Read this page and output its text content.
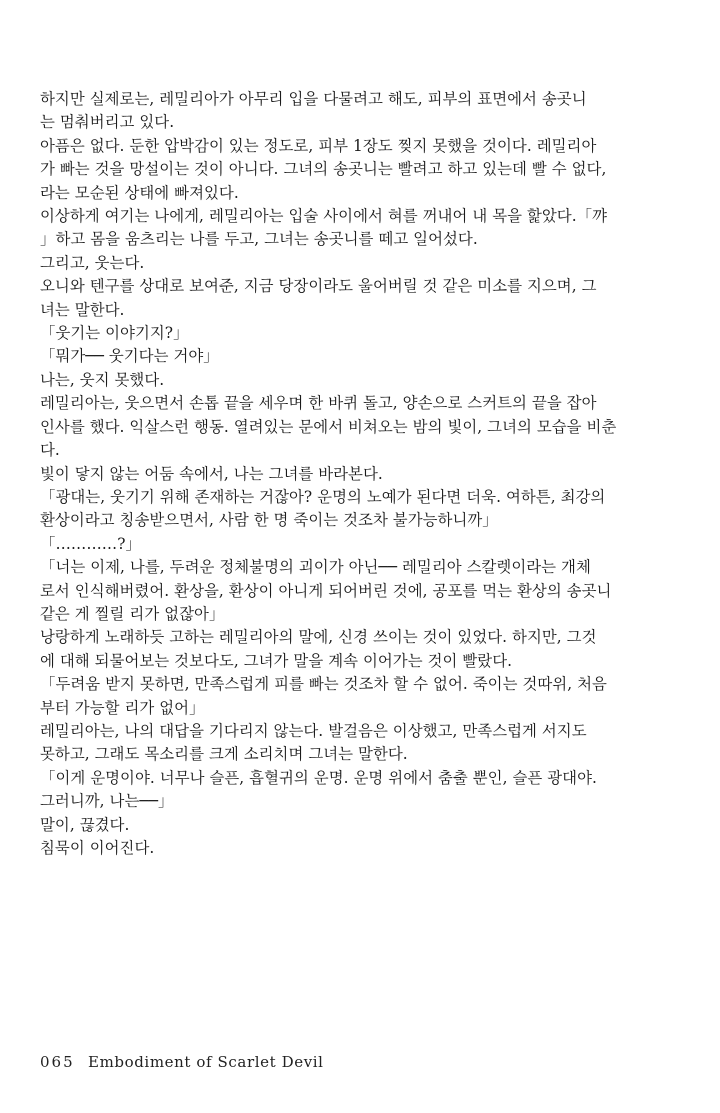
하지만 실제로는, 레밀리아가 아무리 입을 다물려고 해도, 피부의 표면에서 송곳니
는 멈춰버리고 있다.
아픔은 없다. 둔한 압박감이 있는 정도로, 피부 1장도 찢지 못했을 것이다. 레밀리아
가 빠는 것을 망설이는 것이 아니다. 그녀의 송곳니는 빨려고 하고 있는데 빨 수 없다,
라는 모순된 상태에 빠져있다.
이상하게 여기는 나에게, 레밀리아는 입술 사이에서 혀를 꺼내어 내 목을 핥았다.「꺄
」하고 몸을 움츠리는 나를 두고, 그녀는 송곳니를 떼고 일어섰다.
그리고, 웃는다.
오니와 텐구를 상대로 보여준, 지금 당장이라도 울어버릴 것 같은 미소를 지으며, 그
녀는 말한다.
「웃기는 이야기지?」
「뭐가── 웃기다는 거야」
나는, 웃지 못했다.
레밀리아는, 웃으면서 손톱 끝을 세우며 한 바퀴 돌고, 양손으로 스커트의 끝을 잡아
인사를 했다. 익살스런 행동. 열려있는 문에서 비쳐오는 밤의 빛이, 그녀의 모습을 비춘
다.
빛이 닿지 않는 어둠 속에서, 나는 그녀를 바라본다.
「광대는, 웃기기 위해 존재하는 거잖아? 운명의 노예가 된다면 더욱. 여하튼, 최강의
환상이라고 칭송받으면서, 사람 한 명 죽이는 것조차 불가능하니까」
「…………?」
「너는 이제, 나를, 두려운 정체불명의 괴이가 아닌── 레밀리아 스칼렛이라는 개체
로서 인식해버렸어. 환상을, 환상이 아니게 되어버린 것에, 공포를 먹는 환상의 송곳니
같은 게 찔릴 리가 없잖아」
낭랑하게 노래하듯 고하는 레밀리아의 말에, 신경 쓰이는 것이 있었다. 하지만, 그것
에 대해 되물어보는 것보다도, 그녀가 말을 계속 이어가는 것이 빨랐다.
「두려움 받지 못하면, 만족스럽게 피를 빠는 것조차 할 수 없어. 죽이는 것따위, 처음
부터 가능할 리가 없어」
레밀리아는, 나의 대답을 기다리지 않는다. 발걸음은 이상했고, 만족스럽게 서지도
못하고, 그래도 목소리를 크게 소리치며 그녀는 말한다.
「이게 운명이야. 너무나 슬픈, 흡혈귀의 운명. 운명 위에서 춤출 뿐인, 슬픈 광대야.
그러니까, 나는──」
말이, 끊겼다.
침묵이 이어진다.
065 Embodiment of Scarlet Devil
